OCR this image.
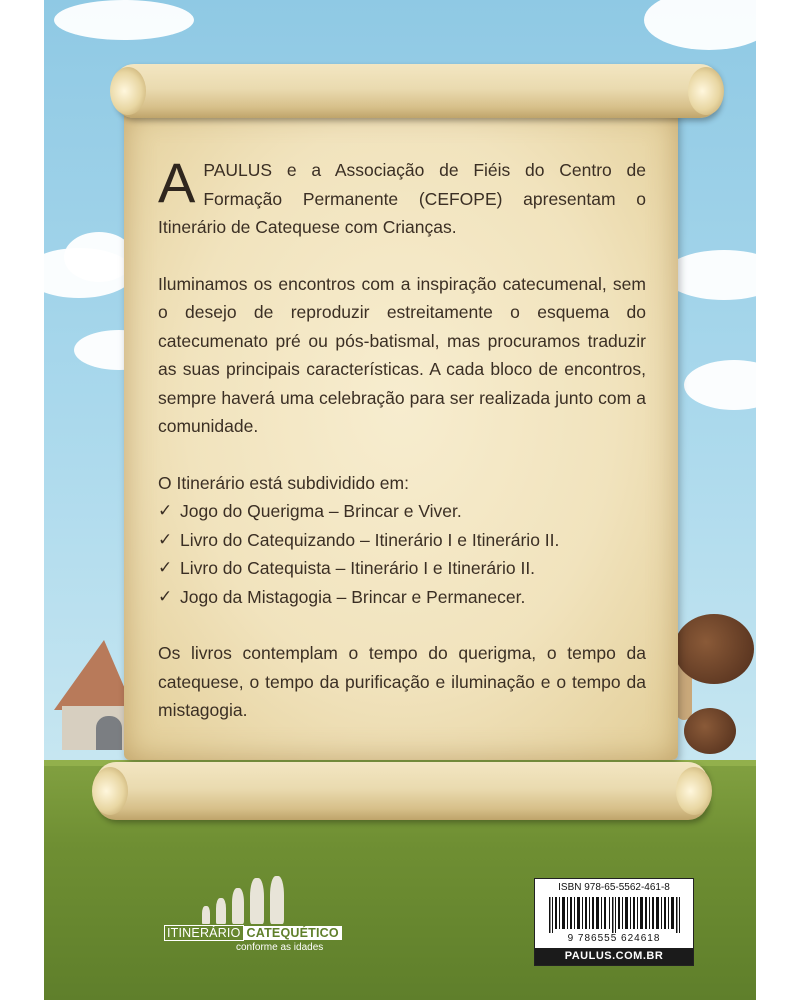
A PAULUS e a Associação de Fiéis do Centro de Formação Permanente (CEFOPE) apresentam o Itinerário de Catequese com Crianças.

Iluminamos os encontros com a inspiração catecumenal, sem o desejo de reproduzir estreitamente o esquema do catecumenato pré ou pós-batismal, mas procuramos traduzir as suas principais características. A cada bloco de encontros, sempre haverá uma celebração para ser realizada junto com a comunidade.

O Itinerário está subdividido em:
✓ Jogo do Querigma – Brincar e Viver.
✓ Livro do Catequizando – Itinerário I e Itinerário II.
✓ Livro do Catequista – Itinerário I e Itinerário II.
✓ Jogo da Mistagogia – Brincar e Permanecer.

Os livros contemplam o tempo do querigma, o tempo da catequese, o tempo da purificação e iluminação e o tempo da mistagogia.

ITINERÁRIO CATEQUÉTICO
conforme as idades
ISBN 978-65-5562-461-8
9 786555 624618
PAULUS.COM.BR
